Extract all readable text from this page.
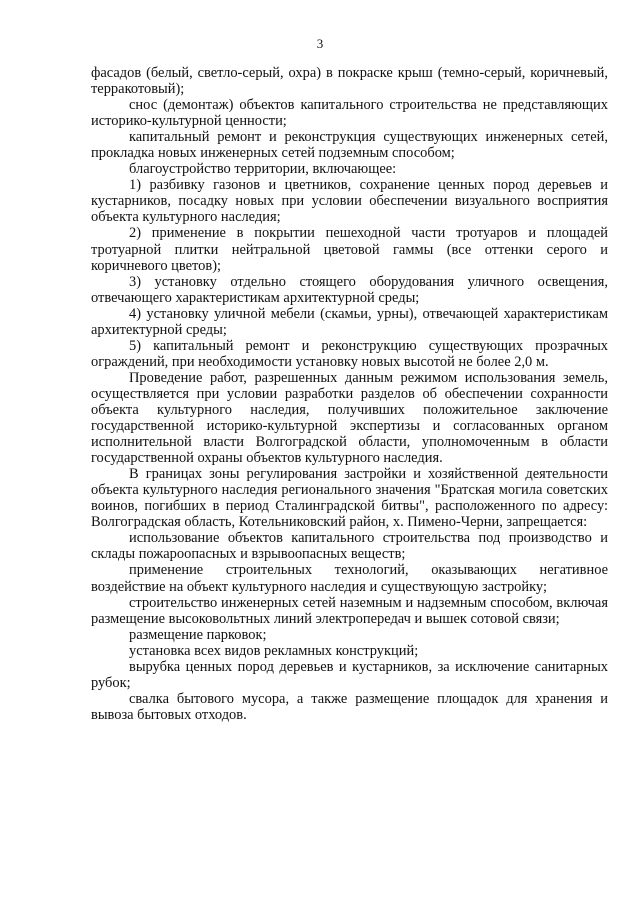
3

фасадов (белый, светло-серый, охра) в покраске крыш (темно-серый, коричневый, терракотовый);

снос (демонтаж) объектов капитального строительства не представляющих историко-культурной ценности;

капитальный ремонт и реконструкция существующих инженерных сетей, прокладка новых инженерных сетей подземным способом;

благоустройство территории, включающее:

1) разбивку газонов и цветников, сохранение ценных пород деревьев и кустарников, посадку новых при условии обеспечении визуального восприятия объекта культурного наследия;

2) применение в покрытии пешеходной части тротуаров и площадей тротуарной плитки нейтральной цветовой гаммы (все оттенки серого и коричневого цветов);

3) установку отдельно стоящего оборудования уличного освещения, отвечающего характеристикам архитектурной среды;

4) установку уличной мебели (скамьи, урны), отвечающей характеристикам архитектурной среды;

5) капитальный ремонт и реконструкцию существующих прозрачных ограждений, при необходимости установку новых высотой не более 2,0 м.

Проведение работ, разрешенных данным режимом использования земель, осуществляется при условии разработки разделов об обеспечении сохранности объекта культурного наследия, получивших положительное заключение государственной историко-культурной экспертизы и согласованных органом исполнительной власти Волгоградской области, уполномоченным в области государственной охраны объектов культурного наследия.

В границах зоны регулирования застройки и хозяйственной деятельности объекта культурного наследия регионального значения "Братская могила советских воинов, погибших в период Сталинградской битвы", расположенного по адресу: Волгоградская область, Котельниковский район, х. Пимено-Черни, запрещается:

использование объектов капитального строительства под производство и склады пожароопасных и взрывоопасных веществ;

применение строительных технологий, оказывающих негативное воздействие на объект культурного наследия и существующую застройку;

строительство инженерных сетей наземным и надземным способом, включая размещение высоковольтных линий электропередач и вышек сотовой связи;

размещение парковок;

установка всех видов рекламных конструкций;

вырубка ценных пород деревьев и кустарников, за исключение санитарных рубок;

свалка бытового мусора, а также размещение площадок для хранения и вывоза бытовых отходов.
